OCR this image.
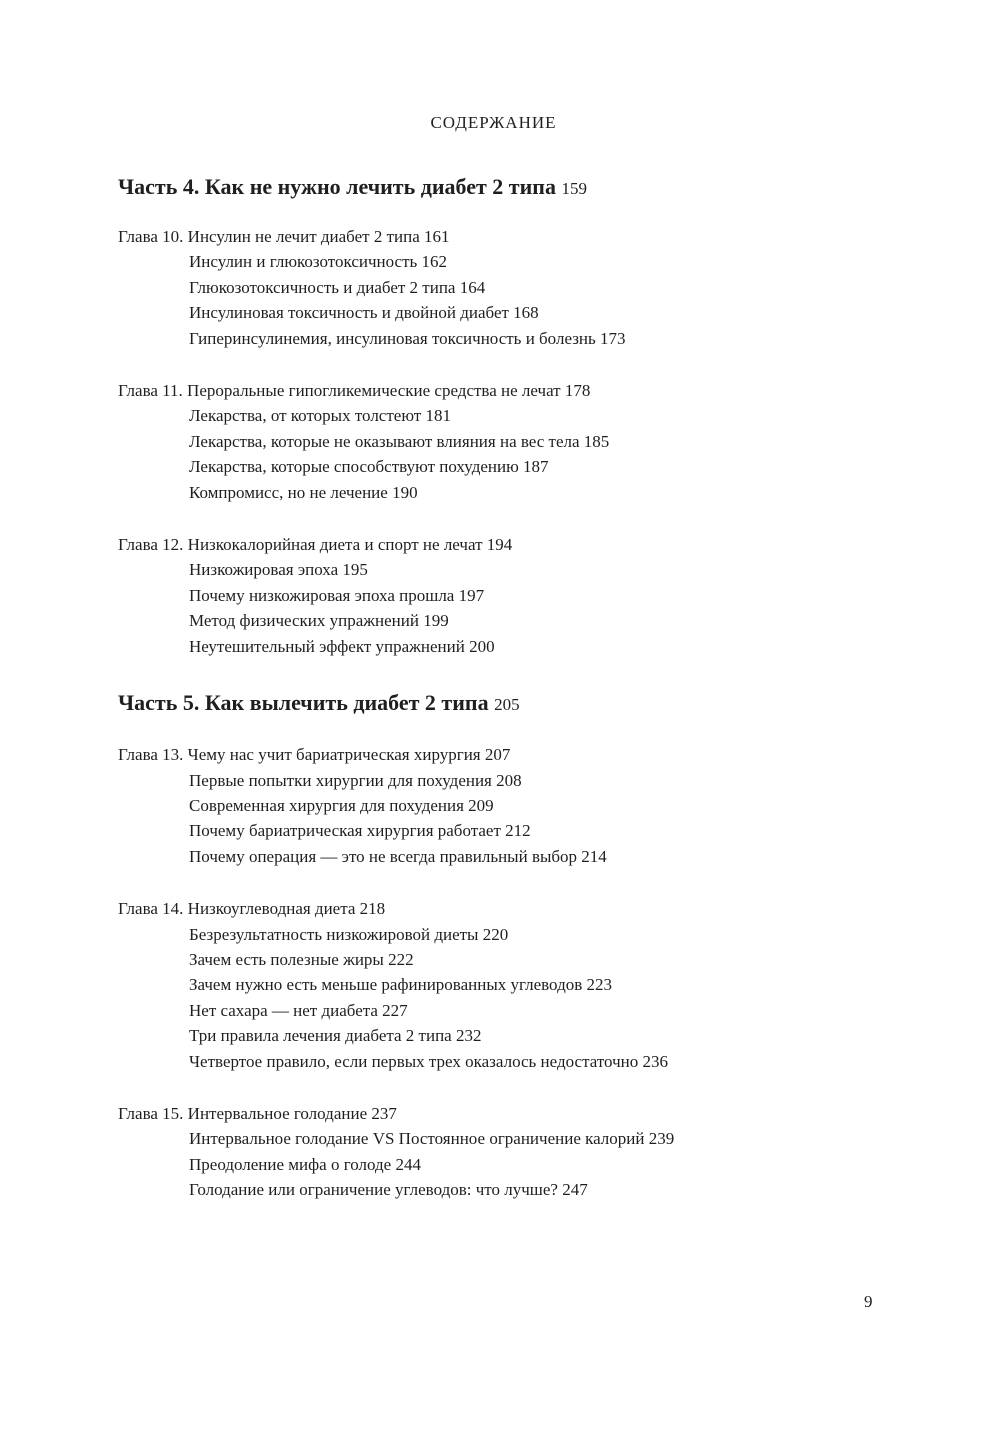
СОДЕРЖАНИЕ
Часть 4. Как не нужно лечить диабет 2 типа 159
Глава 10. Инсулин не лечит диабет 2 типа 161
Инсулин и глюкозотоксичность 162
Глюкозотоксичность и диабет 2 типа 164
Инсулиновая токсичность и двойной диабет 168
Гиперинсулинемия, инсулиновая токсичность и болезнь 173
Глава 11. Пероральные гипогликемические средства не лечат 178
Лекарства, от которых толстеют 181
Лекарства, которые не оказывают влияния на вес тела 185
Лекарства, которые способствуют похудению 187
Компромисс, но не лечение 190
Глава 12. Низкокалорийная диета и спорт не лечат 194
Низкожировая эпоха 195
Почему низкожировая эпоха прошла 197
Метод физических упражнений 199
Неутешительный эффект упражнений 200
Часть 5. Как вылечить диабет 2 типа 205
Глава 13. Чему нас учит бариатрическая хирургия 207
Первые попытки хирургии для похудения 208
Современная хирургия для похудения 209
Почему бариатрическая хирургия работает 212
Почему операция — это не всегда правильный выбор 214
Глава 14. Низкоуглеводная диета 218
Безрезультатность низкожировой диеты 220
Зачем есть полезные жиры 222
Зачем нужно есть меньше рафинированных углеводов 223
Нет сахара — нет диабета 227
Три правила лечения диабета 2 типа 232
Четвертое правило, если первых трех оказалось недостаточно 236
Глава 15. Интервальное голодание 237
Интервальное голодание VS Постоянное ограничение калорий 239
Преодоление мифа о голоде 244
Голодание или ограничение углеводов: что лучше? 247
9
